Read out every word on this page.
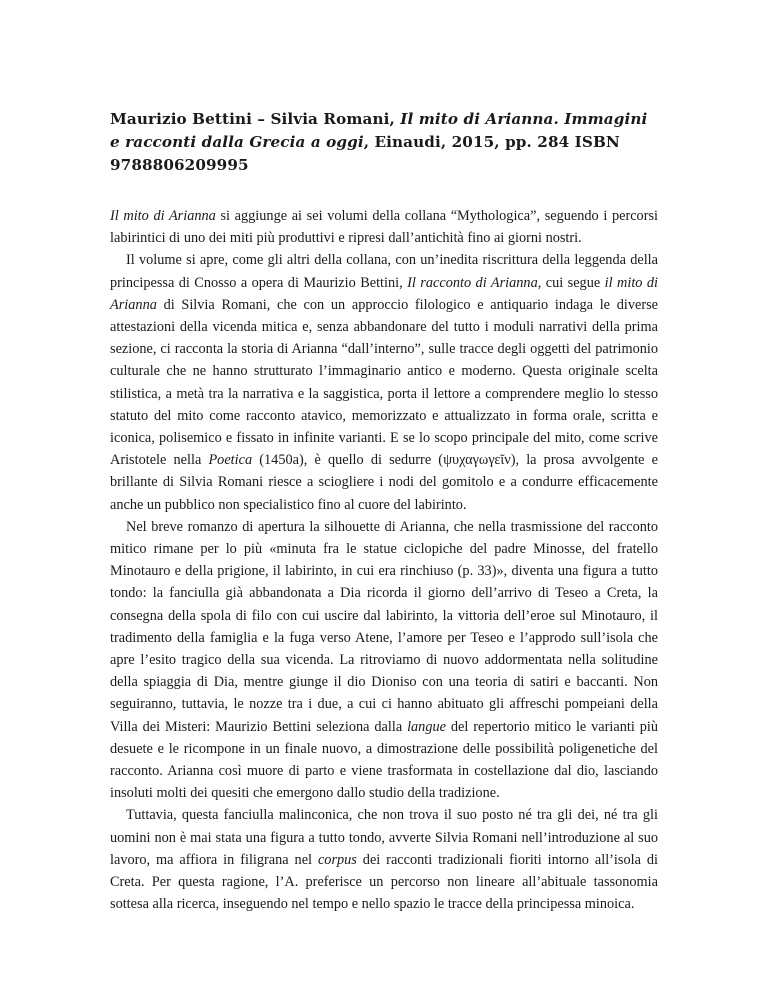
Maurizio Bettini – Silvia Romani, Il mito di Arianna. Immagini e racconti dalla Grecia a oggi, Einaudi, 2015, pp. 284 ISBN 9788806209995

Il mito di Arianna si aggiunge ai sei volumi della collana “Mythologica”, seguendo i percorsi labirintici di uno dei miti più produttivi e ripresi dall’antichità fino ai giorni nostri.

Il volume si apre, come gli altri della collana, con un’inedita riscrittura della leggenda della principessa di Cnosso a opera di Maurizio Bettini, Il racconto di Arianna, cui segue il mito di Arianna di Silvia Romani, che con un approccio filologico e antiquario indaga le diverse attestazioni della vicenda mitica e, senza abbandonare del tutto i moduli narrativi della prima sezione, ci racconta la storia di Arianna “dall’interno”, sulle tracce degli oggetti del patrimonio culturale che ne hanno strutturato l’immaginario antico e moderno. Questa originale scelta stilistica, a metà tra la narrativa e la saggistica, porta il lettore a comprendere meglio lo stesso statuto del mito come racconto atavico, memorizzato e attualizzato in forma orale, scritta e iconica, polisemico e fissato in infinite varianti. E se lo scopo principale del mito, come scrive Aristotele nella Poetica (1450a), è quello di sedurre (ψυχαγωγεῖν), la prosa avvolgente e brillante di Silvia Romani riesce a sciogliere i nodi del gomitolo e a condurre efficacemente anche un pubblico non specialistico fino al cuore del labirinto.

Nel breve romanzo di apertura la silhouette di Arianna, che nella trasmissione del racconto mitico rimane per lo più «minuta fra le statue ciclopiche del padre Minosse, del fratello Minotauro e della prigione, il labirinto, in cui era rinchiuso (p. 33)», diventa una figura a tutto tondo: la fanciulla già abbandonata a Dia ricorda il giorno dell’arrivo di Teseo a Creta, la consegna della spola di filo con cui uscire dal labirinto, la vittoria dell’eroe sul Minotauro, il tradimento della famiglia e la fuga verso Atene, l’amore per Teseo e l’approdo sull’isola che apre l’esito tragico della sua vicenda. La ritroviamo di nuovo addormentata nella solitudine della spiaggia di Dia, mentre giunge il dio Dioniso con una teoria di satiri e baccanti. Non seguiranno, tuttavia, le nozze tra i due, a cui ci hanno abituato gli affreschi pompeiani della Villa dei Misteri: Maurizio Bettini seleziona dalla langue del repertorio mitico le varianti più desuete e le ricompone in un finale nuovo, a dimostrazione delle possibilità poligenetiche del racconto. Arianna così muore di parto e viene trasformata in costellazione dal dio, lasciando insoluti molti dei quesiti che emergono dallo studio della tradizione.

Tuttavia, questa fanciulla malinconica, che non trova il suo posto né tra gli dei, né tra gli uomini non è mai stata una figura a tutto tondo, avverte Silvia Romani nell’introduzione al suo lavoro, ma affiora in filigrana nel corpus dei racconti tradizionali fioriti intorno all’isola di Creta. Per questa ragione, l’A. preferisce un percorso non lineare all’abituale tassonomia sottesa alla ricerca, inseguendo nel tempo e nello spazio le tracce della principessa minoica.
